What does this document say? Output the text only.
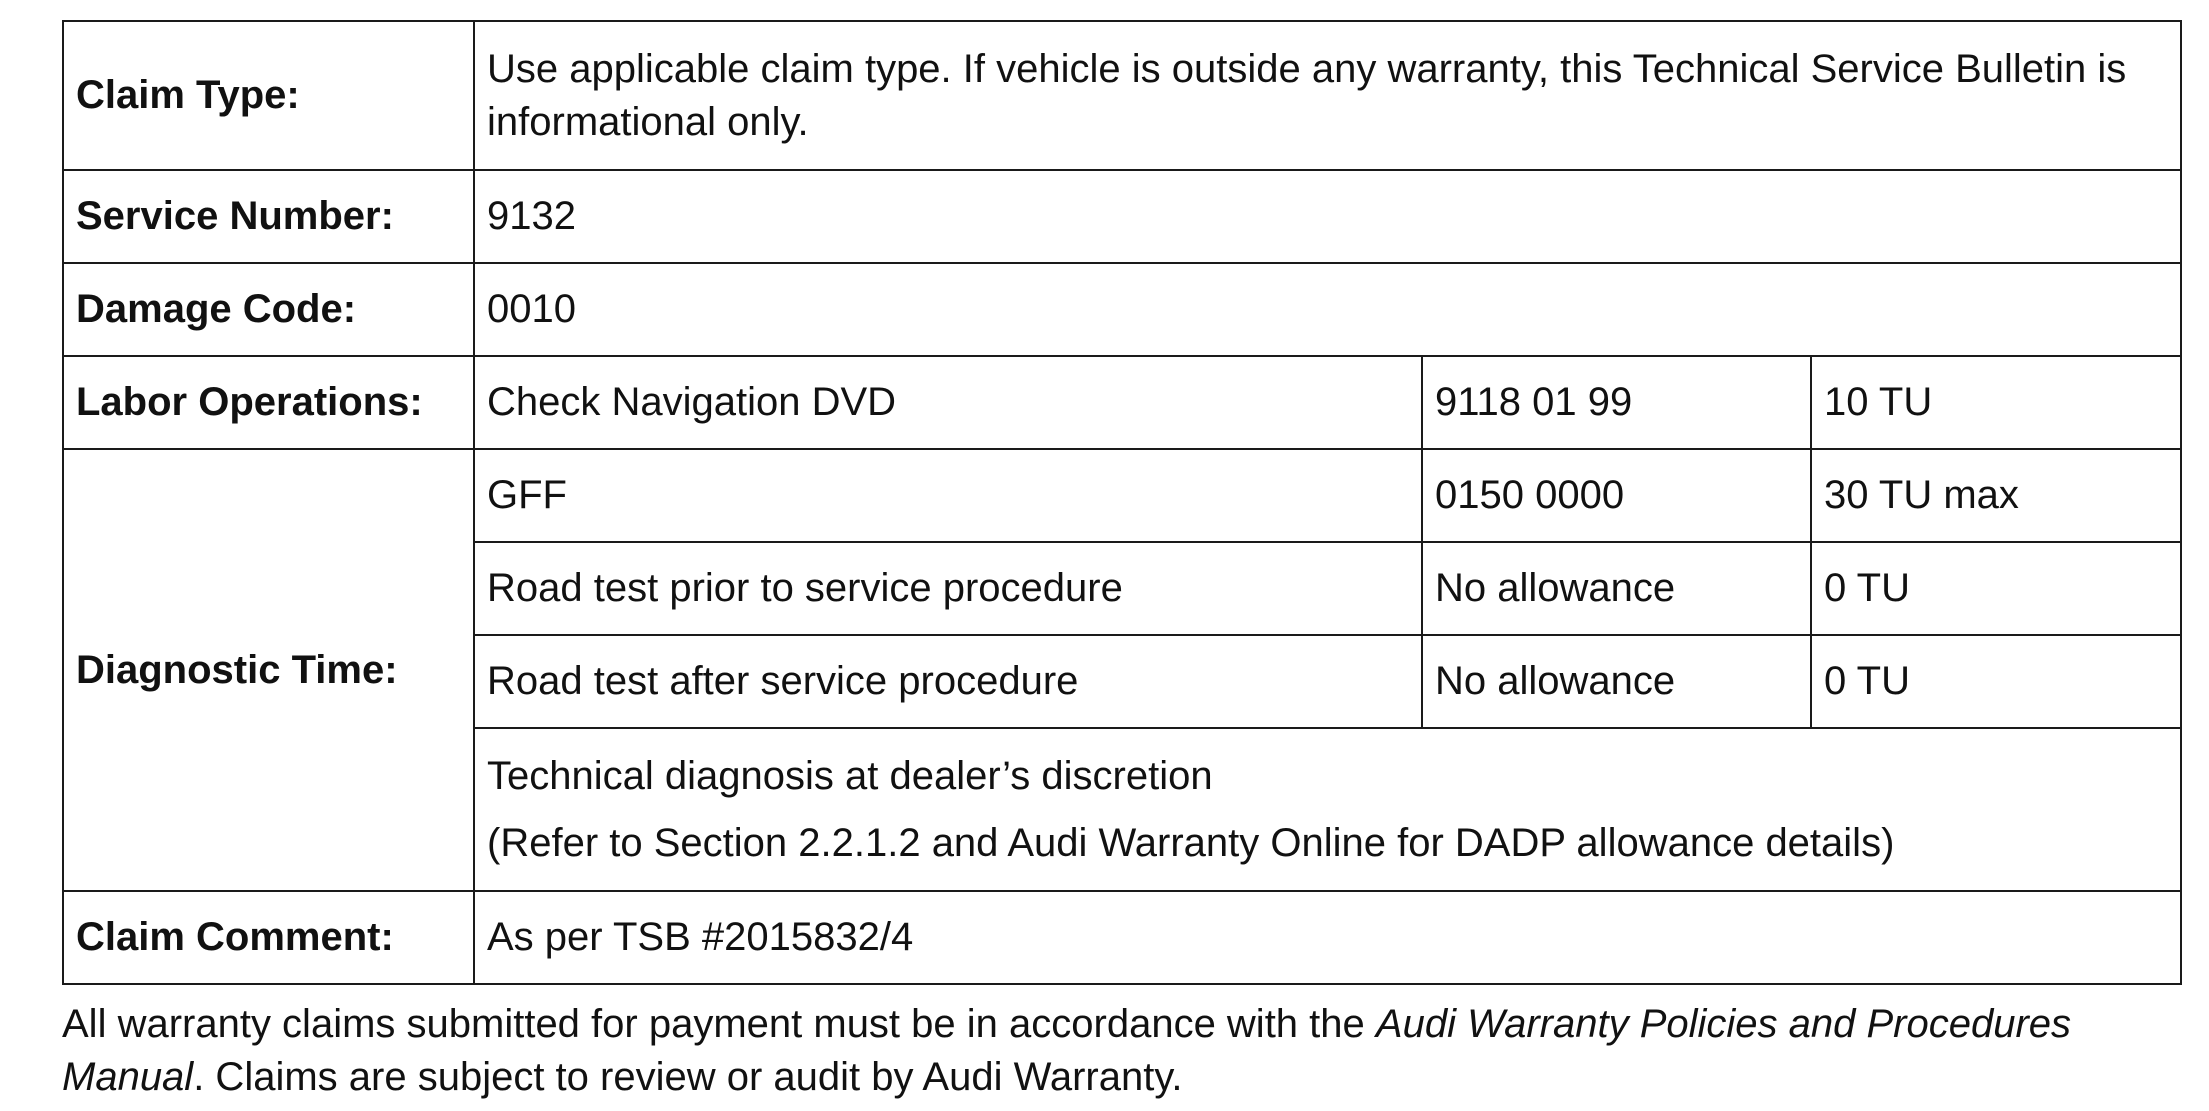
Claim Type:	Use applicable claim type. If vehicle is outside any warranty, this Technical Service Bulletin is informational only.		
Service Number:	9132		
Damage Code:	0010		
Labor Operations:	Check Navigation DVD	9118 01 99	10 TU
Diagnostic Time:	GFF	0150 0000	30 TU max
	Road test prior to service procedure	No allowance	0 TU
	Road test after service procedure	No allowance	0 TU

	Technical diagnosis at dealer’s discretion
(Refer to Section 2.2.1.2 and Audi Warranty Online for DADP allowance details)		

Claim Comment:	As per TSB #2015832/4		

All warranty claims submitted for payment must be in accordance with the Audi Warranty Policies and Procedures Manual. Claims are subject to review or audit by Audi Warranty.
